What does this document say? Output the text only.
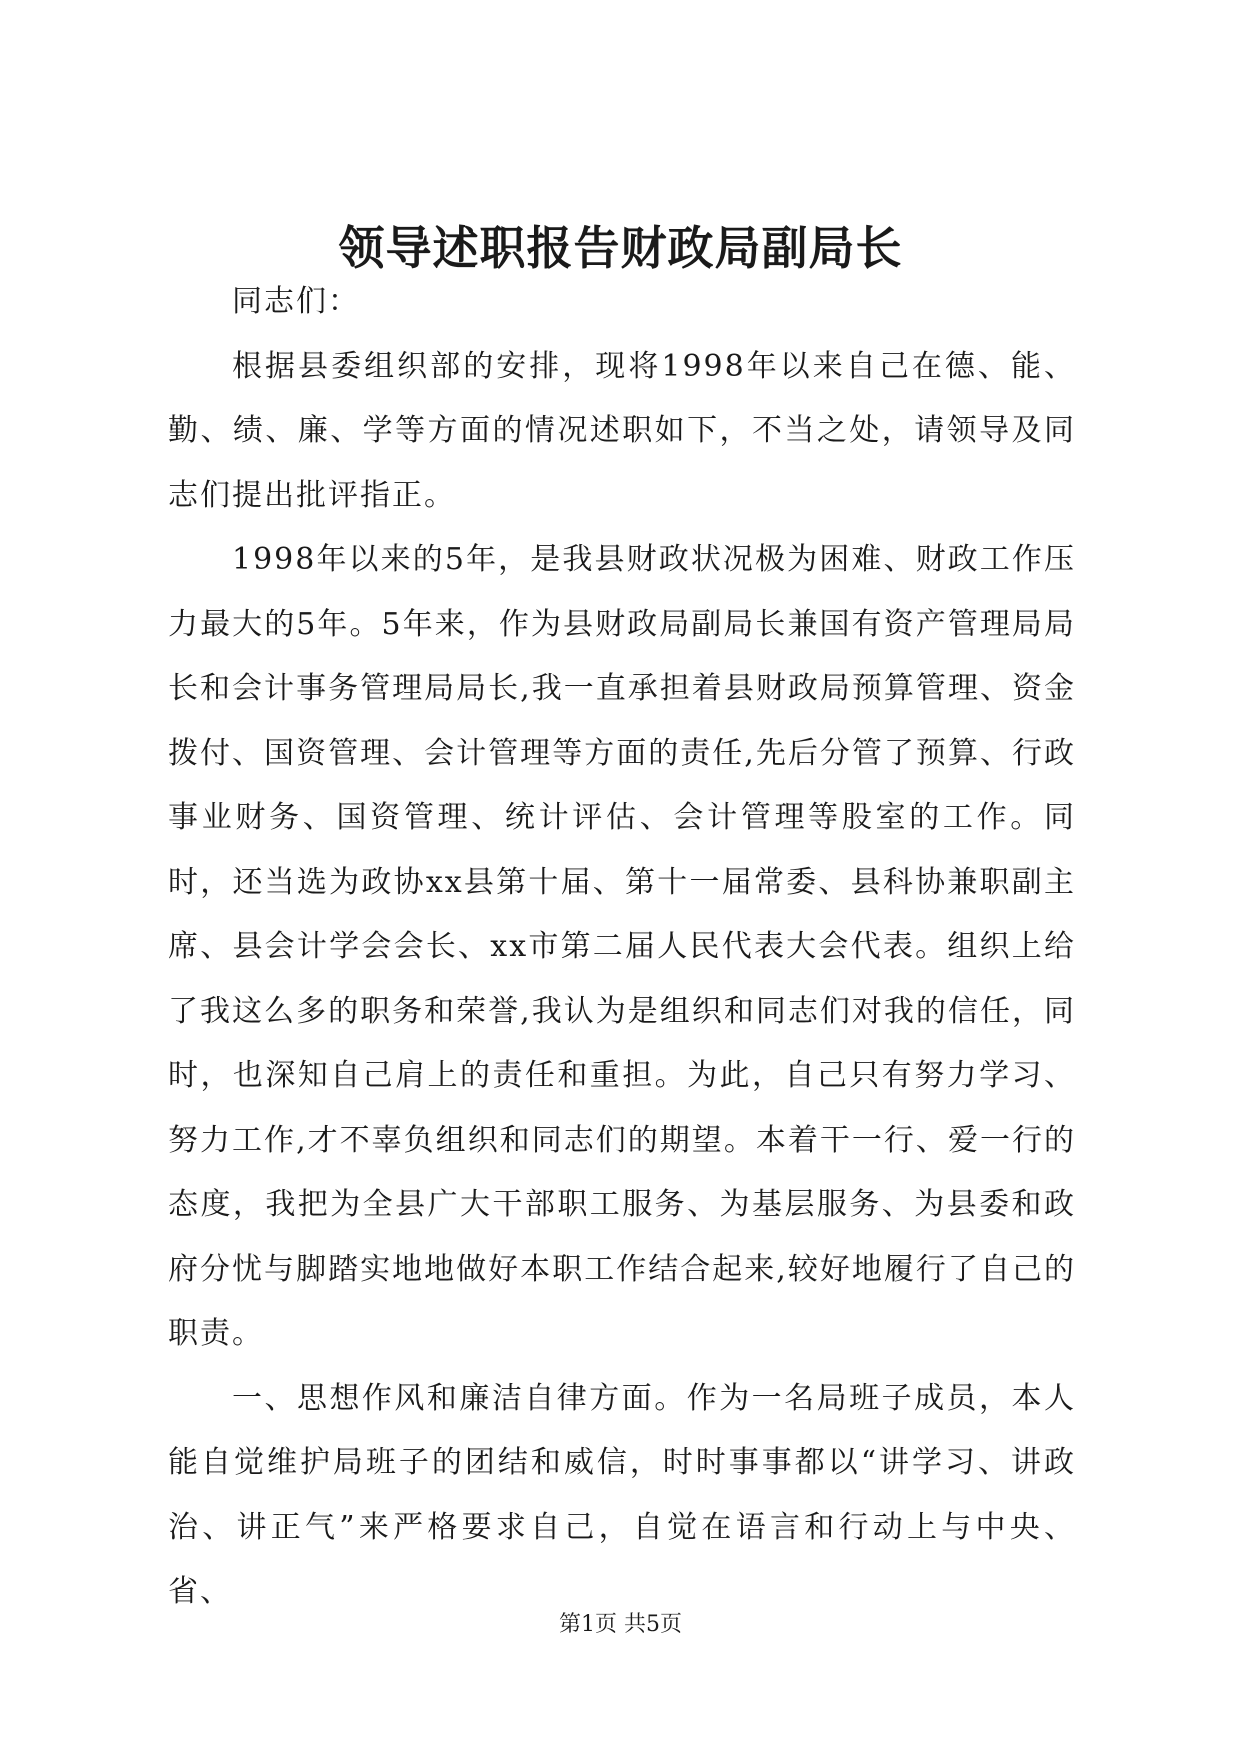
领导述职报告财政局副局长

同志们：

根据县委组织部的安排，现将1998年以来自己在德、能、勤、绩、廉、学等方面的情况述职如下，不当之处，请领导及同志们提出批评指正。

1998年以来的5年，是我县财政状况极为困难、财政工作压力最大的5年。5年来，作为县财政局副局长兼国有资产管理局局长和会计事务管理局局长,我一直承担着县财政局预算管理、资金拨付、国资管理、会计管理等方面的责任,先后分管了预算、行政事业财务、国资管理、统计评估、会计管理等股室的工作。同时，还当选为政协xx县第十届、第十一届常委、县科协兼职副主席、县会计学会会长、xx市第二届人民代表大会代表。组织上给了我这么多的职务和荣誉,我认为是组织和同志们对我的信任，同时，也深知自己肩上的责任和重担。为此，自己只有努力学习、努力工作,才不辜负组织和同志们的期望。本着干一行、爱一行的态度，我把为全县广大干部职工服务、为基层服务、为县委和政府分忧与脚踏实地地做好本职工作结合起来,较好地履行了自己的职责。

一、思想作风和廉洁自律方面。作为一名局班子成员，本人能自觉维护局班子的团结和威信，时时事事都以“讲学习、讲政治、讲正气”来严格要求自己，自觉在语言和行动上与中央、省、

第1页 共5页
